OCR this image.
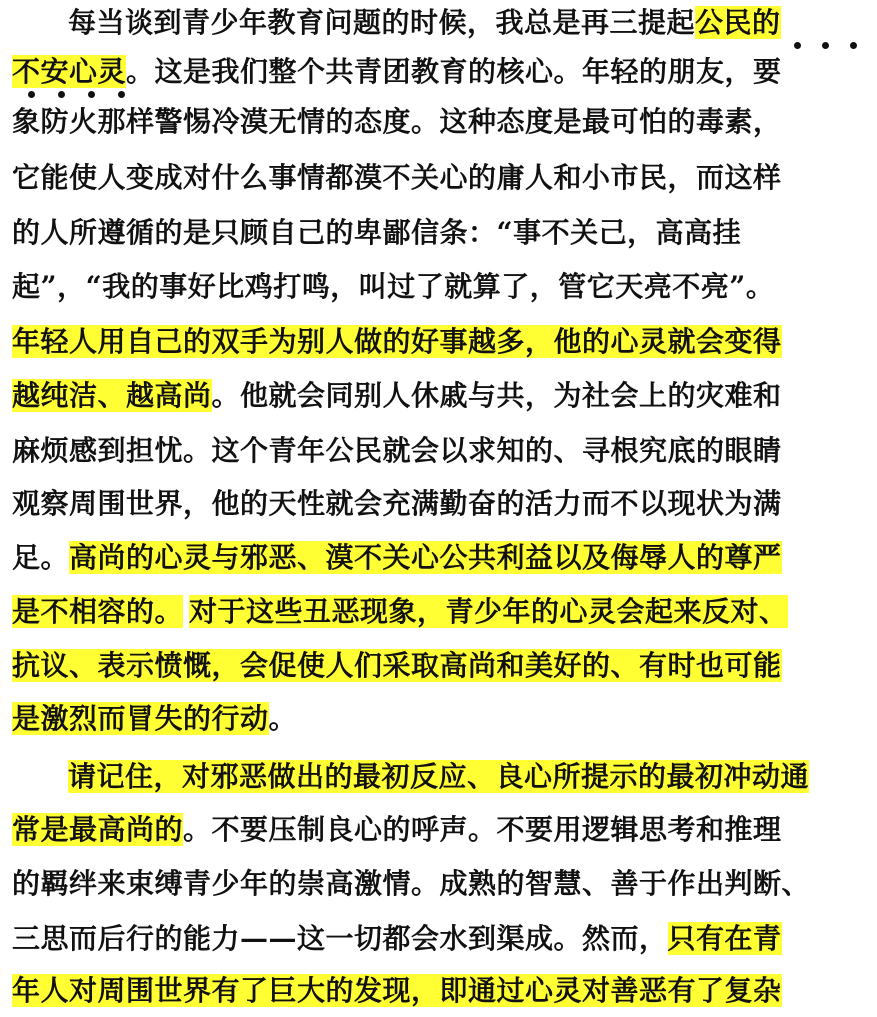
每当谈到青少年教育问题的时候，我总是再三提起公民的
不安心灵。这是我们整个共青团教育的核心。年轻的朋友，要
象防火那样警惕冷漠无情的态度。这种态度是最可怕的毒素，
它能使人变成对什么事情都漠不关心的庸人和小市民，而这样
的人所遵循的是只顾自己的卑鄙信条：“事不关己，高高挂
起”，“我的事好比鸡打鸣，叫过了就算了，管它天亮不亮”。
年轻人用自己的双手为别人做的好事越多，他的心灵就会变得
越纯洁、越高尚。他就会同别人休戚与共，为社会上的灾难和
麻烦感到担忧。这个青年公民就会以求知的、寻根究底的眼睛
观察周围世界，他的天性就会充满勤奋的活力而不以现状为满
足。高尚的心灵与邪恶、漠不关心公共利益以及侮辱人的尊严
是不相容的。 对于这些丑恶现象，青少年的心灵会起来反对、
抗议、表示愤慨，会促使人们采取高尚和美好的、有时也可能
是激烈而冒失的行动。
请记住，对邪恶做出的最初反应、良心所提示的最初冲动通
常是最高尚的。不要压制良心的呼声。不要用逻辑思考和推理
的羁绊来束缚青少年的崇高激情。成熟的智慧、善于作出判断、
三思而后行的能力——这一切都会水到渠成。然而，只有在青
年人对周围世界有了巨大的发现，即通过心灵对善恶有了复杂
